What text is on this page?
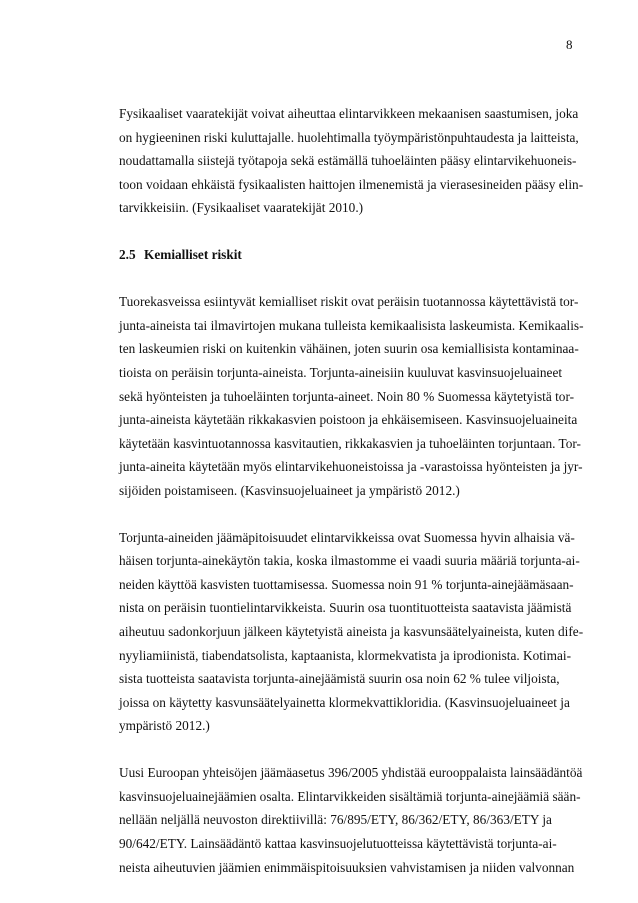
8
Fysikaaliset vaaratekijät voivat aiheuttaa elintarvikkeen mekaanisen saastumisen, joka
on hygieeninen riski kuluttajalle. huolehtimalla työympäristönpuhtaudesta ja laitteista,
noudattamalla siistejä työtapoja sekä estämällä tuhoeläinten pääsy elintarvikehuoneis-
toon voidaan ehkäistä fysikaalisten haittojen ilmenemistä ja vierasesineiden pääsy elin-
tarvikkeisiin. (Fysikaaliset vaaratekijät 2010.)
2.5 Kemialliset riskit
Tuorekasveissa esiintyvät kemialliset riskit ovat peräisin tuotannossa käytettävistä tor-
junta-aineista tai ilmavirtojen mukana tulleista kemikaalisista laskeumista. Kemikaalis-
ten laskeumien riski on kuitenkin vähäinen, joten suurin osa kemiallisista kontaminaa-
tioista on peräisin torjunta-aineista. Torjunta-aineisiin kuuluvat kasvinsuojeluaineet
sekä hyönteisten ja tuhoeläinten torjunta-aineet. Noin 80 % Suomessa käytetyistä tor-
junta-aineista käytetään rikkakasvien poistoon ja ehkäisemiseen. Kasvinsuojeluaineita
käytetään kasvintuotannossa kasvitautien, rikkakasvien ja tuhoeläinten torjuntaan. Tor-
junta-aineita käytetään myös elintarvikehuoneistoissa ja -varastoissa hyönteisten ja jyr-
sijöiden poistamiseen. (Kasvinsuojeluaineet ja ympäristö 2012.)
Torjunta-aineiden jäämäpitoisuudet elintarvikkeissa ovat Suomessa hyvin alhaisia vä-
häisen torjunta-ainekäytön takia, koska ilmastomme ei vaadi suuria määriä torjunta-ai-
neiden käyttöä kasvisten tuottamisessa. Suomessa noin 91 % torjunta-ainejäämäsaan-
nista on peräisin tuontielintarvikkeista. Suurin osa tuontituotteista saatavista jäämistä
aiheutuu sadonkorjuun jälkeen käytetyistä aineista ja kasvunsäätelyaineista, kuten dife-
nyyliamiinistä, tiabendatsolista, kaptaanista, klormekvatista ja iprodionista. Kotimai-
sista tuotteista saatavista torjunta-ainejäämistä suurin osa noin 62 % tulee viljoista,
joissa on käytetty kasvunsäätelyainetta klormekvattikloridia. (Kasvinsuojeluaineet ja
ympäristö 2012.)
Uusi Euroopan yhteisöjen jäämäasetus 396/2005 yhdistää eurooppalaista lainsäädäntöä
kasvinsuojeluainejäämien osalta. Elintarvikkeiden sisältämiä torjunta-ainejäämiä sään-
nellään neljällä neuvoston direktiivillä: 76/895/ETY, 86/362/ETY, 86/363/ETY ja
90/642/ETY. Lainsäädäntö kattaa kasvinsuojelutuotteissa käytettävistä torjunta-ai-
neista aiheutuvien jäämien enimmäispitoisuuksien vahvistamisen ja niiden valvonnan
